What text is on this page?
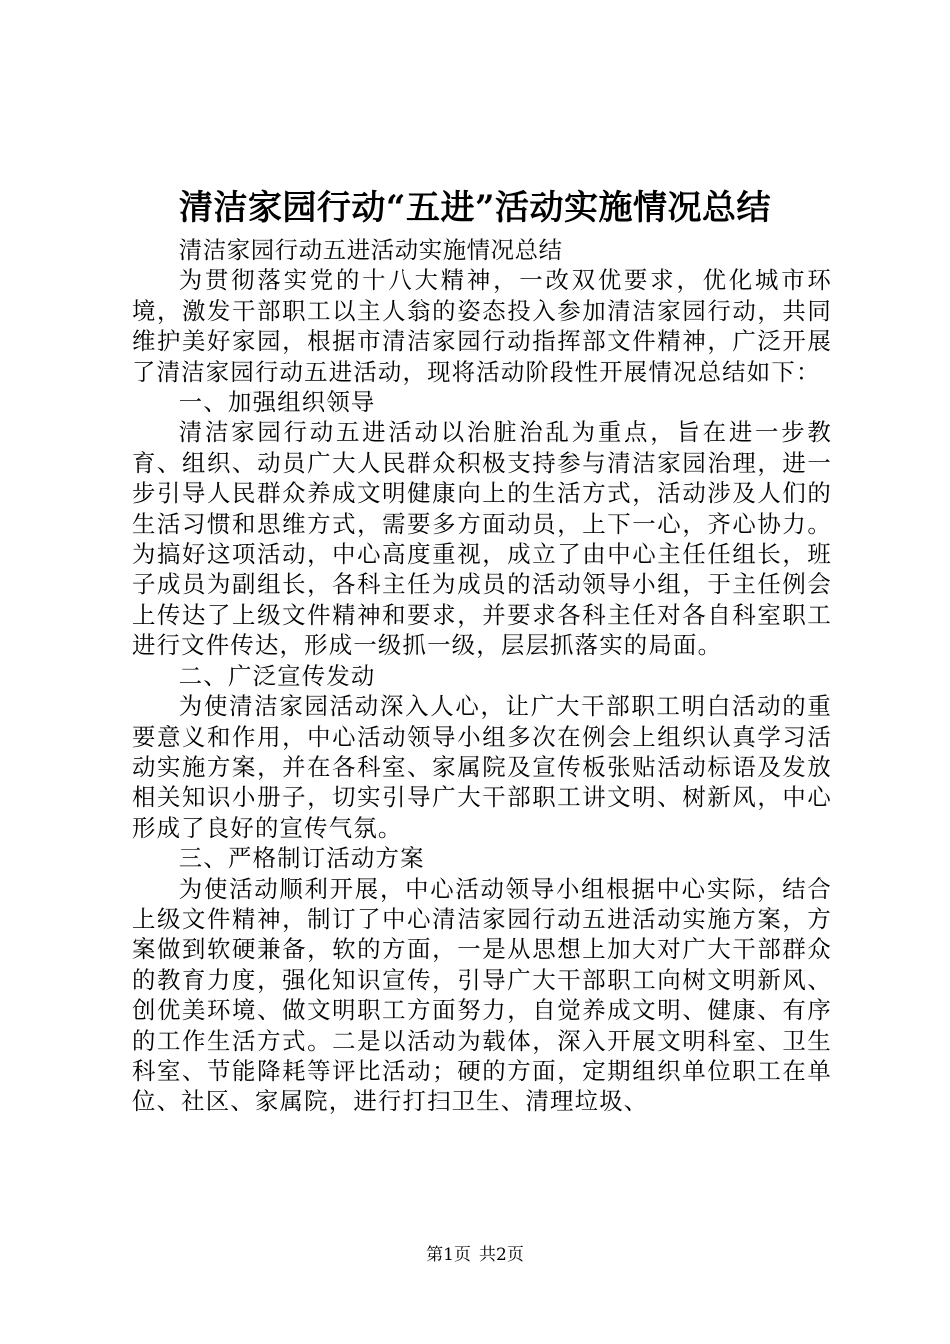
清洁家园行动“五进”活动实施情况总结

清洁家园行动五进活动实施情况总结

为贯彻落实党的十八大精神，一改双优要求，优化城市环境，激发干部职工以主人翁的姿态投入参加清洁家园行动，共同维护美好家园，根据市清洁家园行动指挥部文件精神，广泛开展了清洁家园行动五进活动，现将活动阶段性开展情况总结如下：

一、加强组织领导

清洁家园行动五进活动以治脏治乱为重点，旨在进一步教育、组织、动员广大人民群众积极支持参与清洁家园治理，进一步引导人民群众养成文明健康向上的生活方式，活动涉及人们的生活习惯和思维方式，需要多方面动员，上下一心，齐心协力。为搞好这项活动，中心高度重视，成立了由中心主任任组长，班子成员为副组长，各科主任为成员的活动领导小组，于主任例会上传达了上级文件精神和要求，并要求各科主任对各自科室职工进行文件传达，形成一级抓一级，层层抓落实的局面。

二、广泛宣传发动

为使清洁家园活动深入人心，让广大干部职工明白活动的重要意义和作用，中心活动领导小组多次在例会上组织认真学习活动实施方案，并在各科室、家属院及宣传板张贴活动标语及发放相关知识小册子，切实引导广大干部职工讲文明、树新风，中心形成了良好的宣传气氛。

三、严格制订活动方案

为使活动顺利开展，中心活动领导小组根据中心实际，结合上级文件精神，制订了中心清洁家园行动五进活动实施方案，方案做到软硬兼备，软的方面，一是从思想上加大对广大干部群众的教育力度，强化知识宣传，引导广大干部职工向树文明新风、创优美环境、做文明职工方面努力，自觉养成文明、健康、有序的工作生活方式。二是以活动为载体，深入开展文明科室、卫生科室、节能降耗等评比活动；硬的方面，定期组织单位职工在单位、社区、家属院，进行打扫卫生、清理垃圾、

第1页 共2页
